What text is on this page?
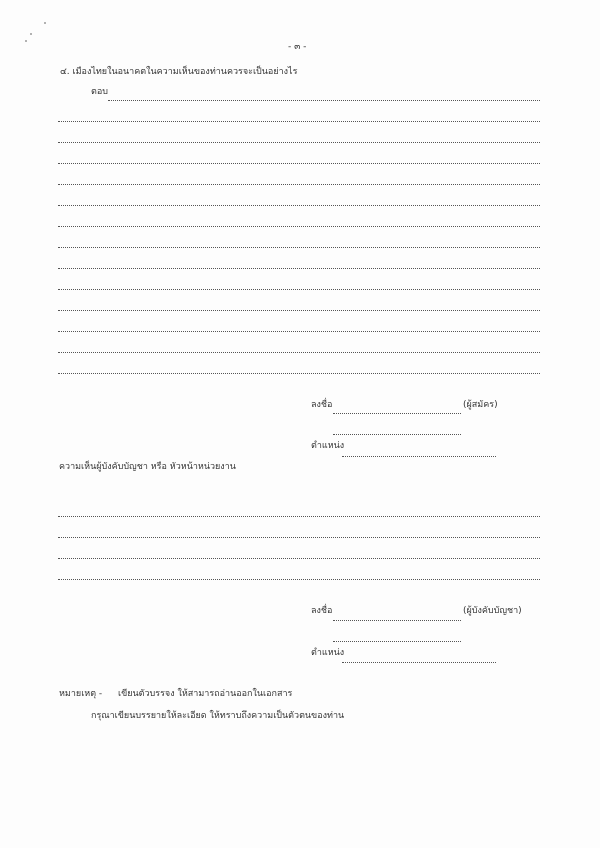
- ๓ -
๔. เมืองไทยในอนาคตในความเห็นของท่านควรจะเป็นอย่างไร
ตอบ
ลงชื่อ	(ผู้สมัคร)
ตำแหน่ง
ความเห็นผู้บังคับบัญชา หรือ หัวหน้าหน่วยงาน
ลงชื่อ	(ผู้บังคับบัญชา)
ตำแหน่ง
หมายเหตุ - เขียนตัวบรรจง ให้สามารถอ่านออกในเอกสาร
กรุณาเขียนบรรยายให้ละเอียด ให้ทราบถึงความเป็นตัวตนของท่าน
